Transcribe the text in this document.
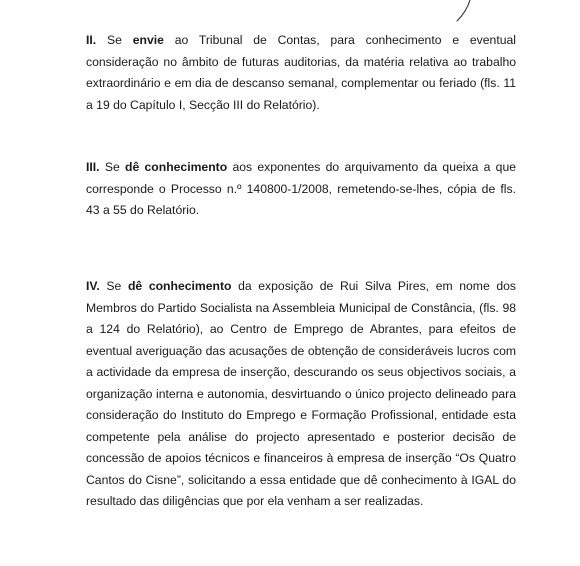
II. Se envie ao Tribunal de Contas, para conhecimento e eventual consideração no âmbito de futuras auditorias, da matéria relativa ao trabalho extraordinário e em dia de descanso semanal, complementar ou feriado (fls. 11 a 19 do Capítulo I, Secção III do Relatório).

III. Se dê conhecimento aos exponentes do arquivamento da queixa a que corresponde o Processo n.º 140800-1/2008, remetendo-se-lhes, cópia de fls. 43 a 55 do Relatório.

IV. Se dê conhecimento da exposição de Rui Silva Pires, em nome dos Membros do Partido Socialista na Assembleia Municipal de Constância, (fls. 98 a 124 do Relatório), ao Centro de Emprego de Abrantes, para efeitos de eventual averiguação das acusações de obtenção de consideráveis lucros com a actividade da empresa de inserção, descurando os seus objectivos sociais, a organização interna e autonomia, desvirtuando o único projecto delineado para consideração do Instituto do Emprego e Formação Profissional, entidade esta competente pela análise do projecto apresentado e posterior decisão de concessão de apoios técnicos e financeiros à empresa de inserção “Os Quatro Cantos do Cisne”, solicitando a essa entidade que dê conhecimento à IGAL do resultado das diligências que por ela venham a ser realizadas.
